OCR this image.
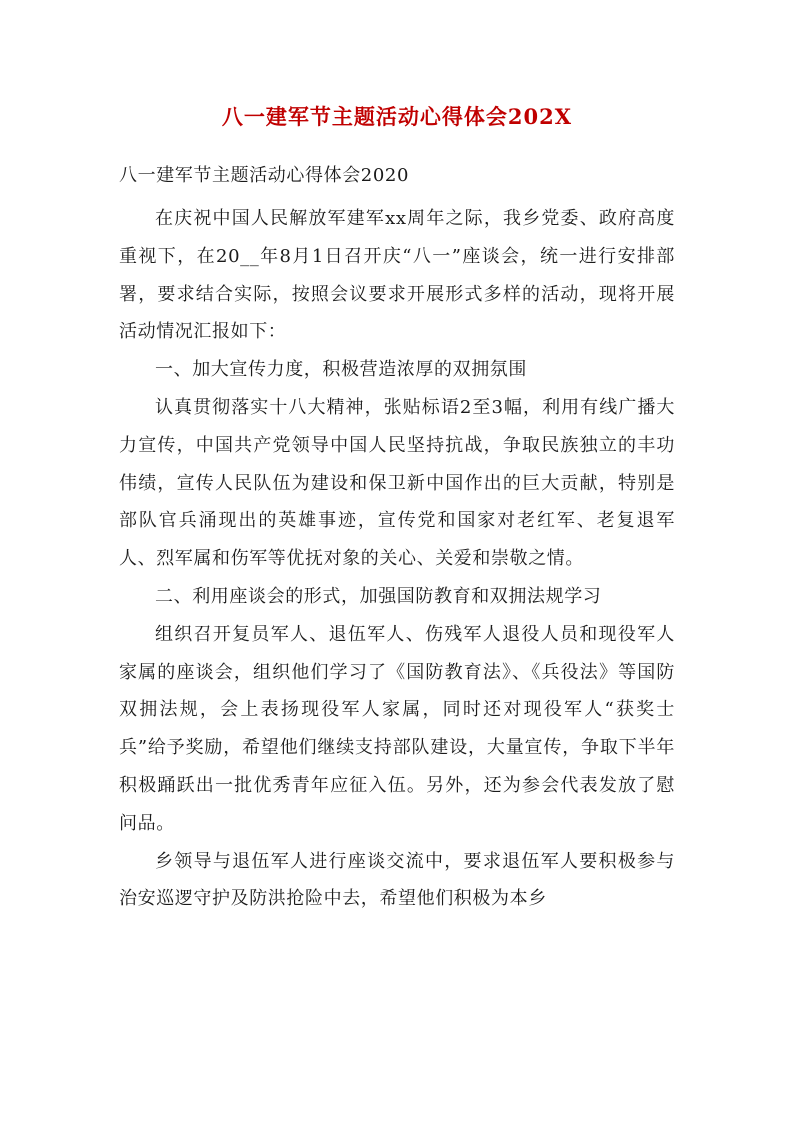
八一建军节主题活动心得体会202X

八一建军节主题活动心得体会2020

在庆祝中国人民解放军建军xx周年之际，我乡党委、政府高度重视下，在20__年8月1日召开庆“八一”座谈会，统一进行安排部署，要求结合实际，按照会议要求开展形式多样的活动，现将开展活动情况汇报如下：

一、加大宣传力度，积极营造浓厚的双拥氛围

认真贯彻落实十八大精神，张贴标语2至3幅，利用有线广播大力宣传，中国共产党领导中国人民坚持抗战，争取民族独立的丰功伟绩，宣传人民队伍为建设和保卫新中国作出的巨大贡献，特别是部队官兵涌现出的英雄事迹，宣传党和国家对老红军、老复退军人、烈军属和伤军等优抚对象的关心、关爱和崇敬之情。

二、利用座谈会的形式，加强国防教育和双拥法规学习

组织召开复员军人、退伍军人、伤残军人退役人员和现役军人家属的座谈会，组织他们学习了《国防教育法》、《兵役法》等国防双拥法规，会上表扬现役军人家属，同时还对现役军人“获奖士兵”给予奖励，希望他们继续支持部队建设，大量宣传，争取下半年积极踊跃出一批优秀青年应征入伍。另外，还为参会代表发放了慰问品。

乡领导与退伍军人进行座谈交流中，要求退伍军人要积极参与治安巡逻守护及防洪抢险中去，希望他们积极为本乡
